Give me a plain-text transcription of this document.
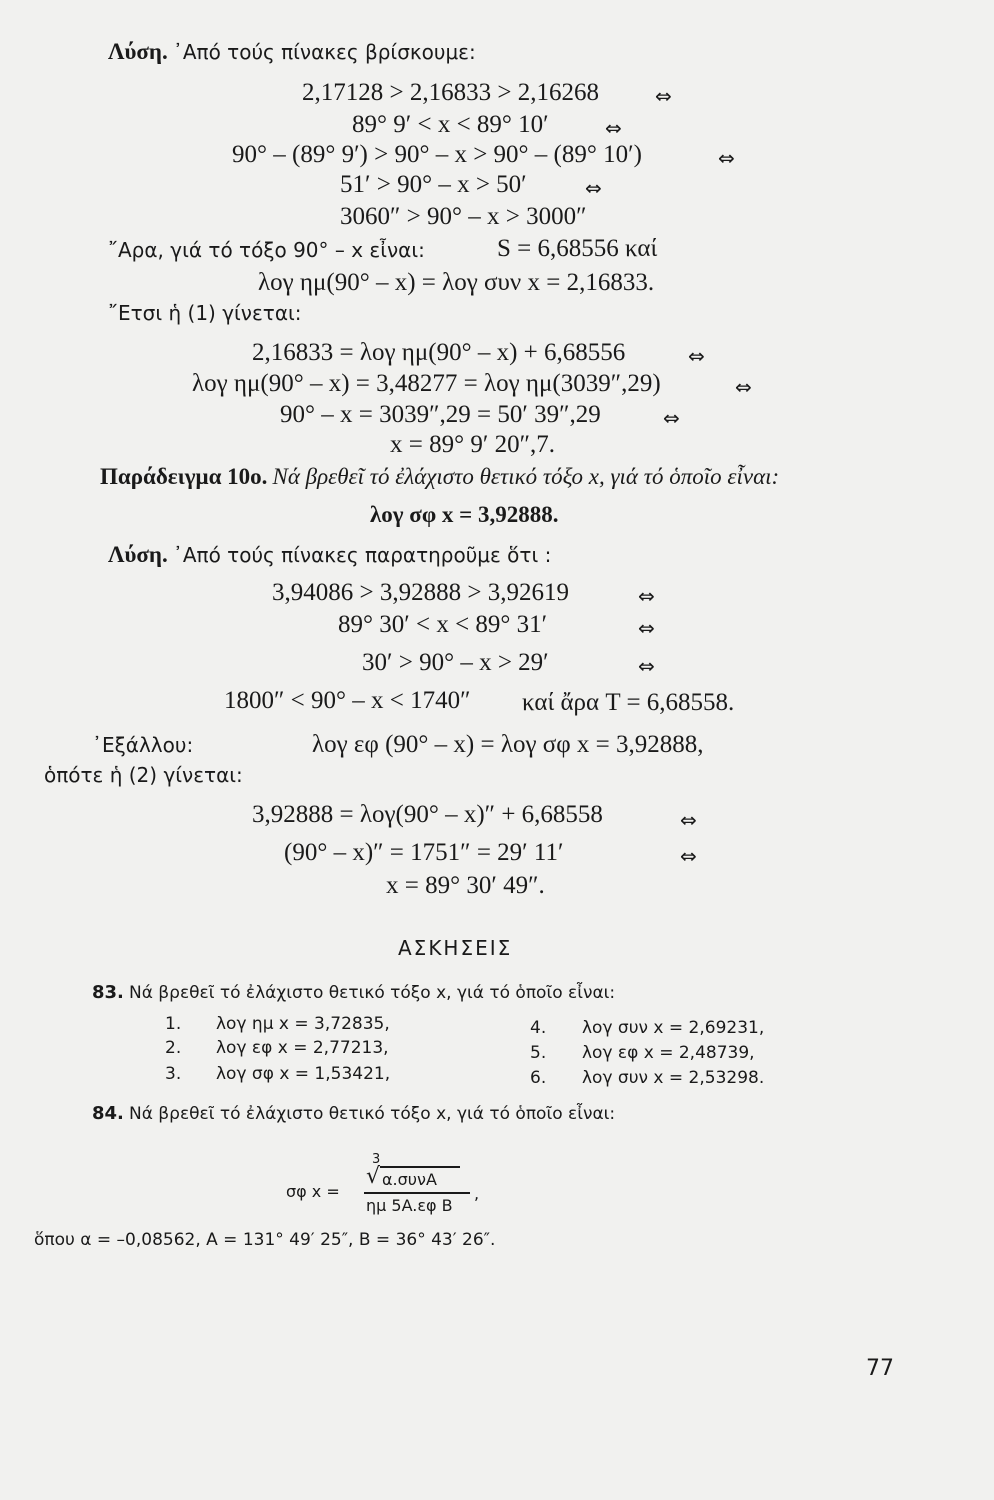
Λύση. ᾿Από τούς πίνακες βρίσκουμε:
2,17128 > 2,16833 > 2,16268	⇔
89° 9′ < x < 89° 10′	⇔
90° – (89° 9′) > 90° – x > 90° – (89° 10′)	⇔
51′ > 90° – x > 50′	⇔
3060″ > 90° – x > 3000″
῎Αρα, γιά τό τόξο 90° – x εἶναι:	S = 6,68556 καί
λογ ημ(90° – x) = λογ συν x = 2,16833.
῎Ετσι ἡ (1) γίνεται:
2,16833 = λογ ημ(90° – x) + 6,68556	⇔
λογ ημ(90° – x) = 3,48277 = λογ ημ(3039″,29)	⇔
90° – x = 3039″,29 = 50′ 39″,29	⇔
x = 89° 9′ 20″,7.
Παράδειγμα 10ο. Νά βρεθεῖ τό ἐλάχιστο θετικό τόξο x, γιά τό ὁποῖο εἶναι:
λογ σφ x = 3,92888.
Λύση. ᾿Από τούς πίνακες παρατηροῦμε ὅτι :
3,94086 > 3,92888 > 3,92619	⇔
89° 30′ < x < 89° 31′	⇔
30′ > 90° – x > 29′	⇔
1800″ < 90° – x < 1740″ καί ἄρα T = 6,68558.
᾿Εξάλλου:	λογ εφ (90° – x) = λογ σφ x = 3,92888,
ὁπότε ἡ (2) γίνεται:
3,92888 = λογ(90° – x)″ + 6,68558	⇔
(90° – x)″ = 1751″ = 29′ 11′	⇔
x = 89° 30′ 49″.
ΑΣΚΗΣΕΙΣ
83. Νά βρεθεῖ τό ἐλάχιστο θετικό τόξο x, γιά τό ὁποῖο εἶναι:
1. λογ ημ x = 3,72835,
2. λογ εφ x = 2,77213,
3. λογ σφ x = 1,53421,
4. λογ συν x = 2,69231,
5. λογ εφ x = 2,48739,
6. λογ συν x = 2,53298.
84. Νά βρεθεῖ τό ἐλάχιστο θετικό τόξο x, γιά τό ὁποῖο εἶναι:
σφ x =
3
√ α.συνA
ημ 5A.εφ B
,
ὅπου α = –0,08562, A = 131° 49′ 25″, B = 36° 43′ 26″.
77
